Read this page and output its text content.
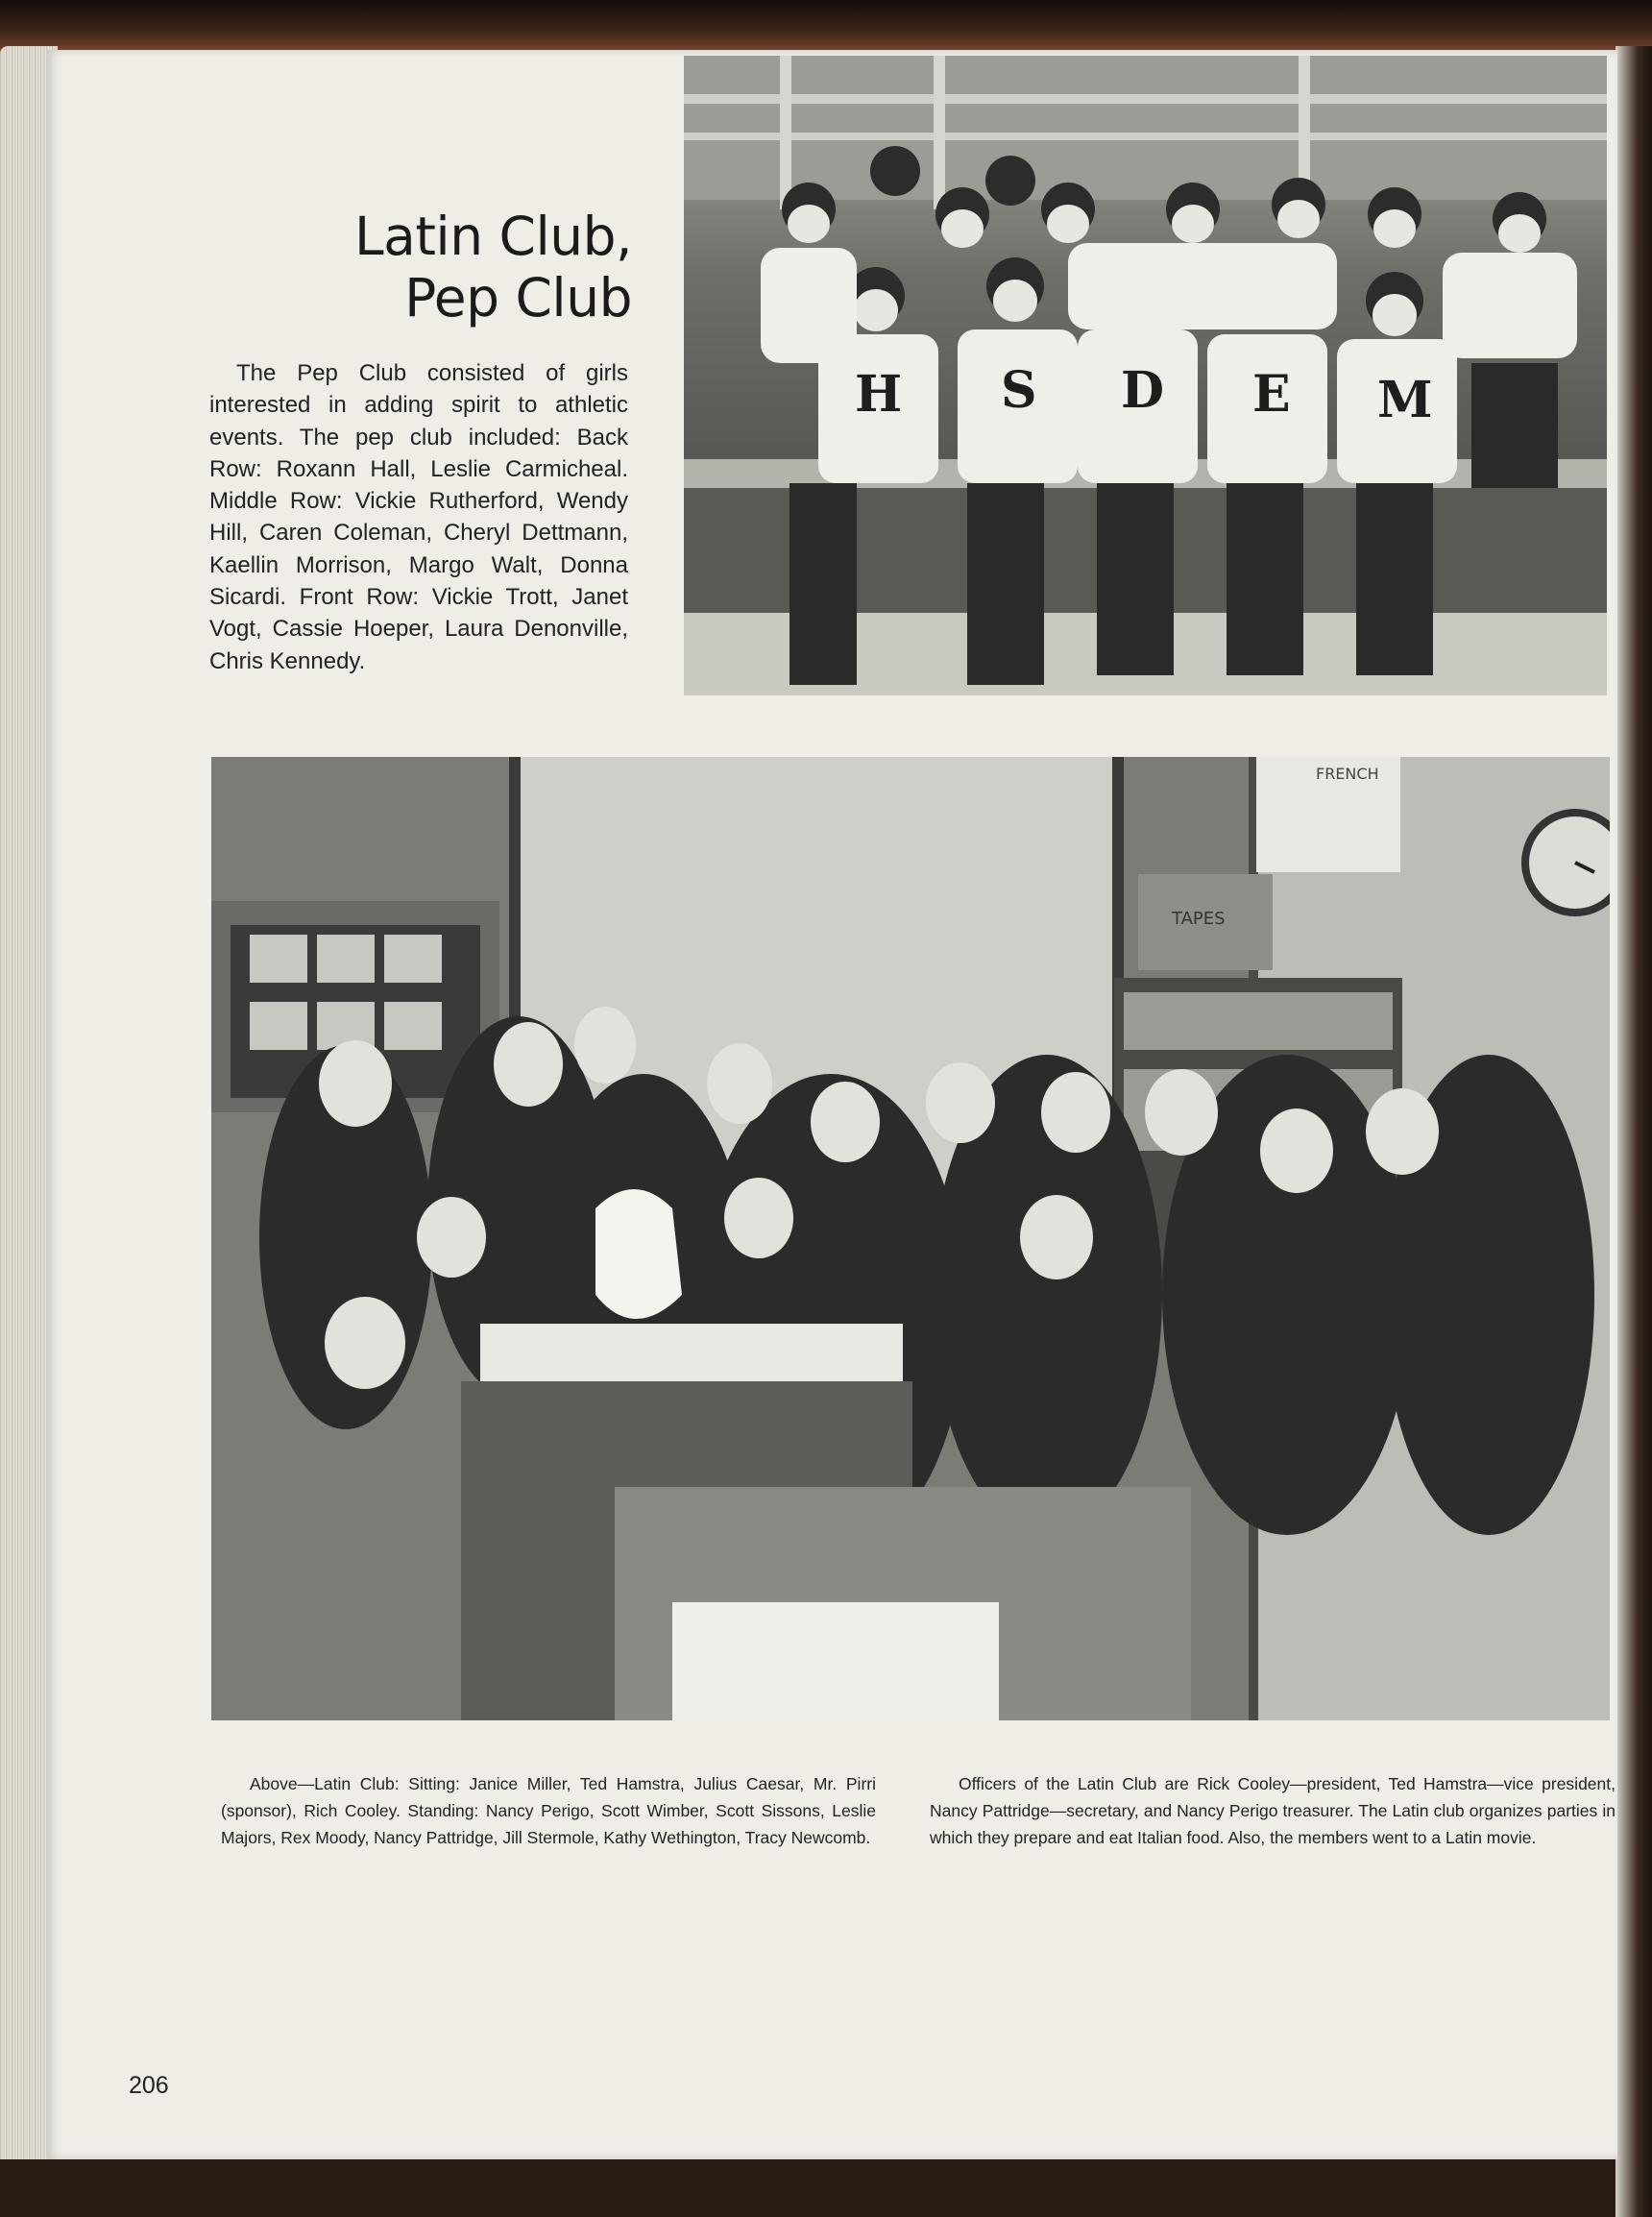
Latin Club,
Pep Club

The Pep Club consisted of girls interested in adding spirit to athletic events. The pep club included: Back Row: Roxann Hall, Leslie Carmicheal. Middle Row: Vickie Rutherford, Wendy Hill, Caren Coleman, Cheryl Dettmann, Kaellin Morrison, Margo Walt, Donna Sicardi. Front Row: Vickie Trott, Janet Vogt, Cassie Hoeper, Laura Denonville, Chris Kennedy.

H S D E M
FRENCH
TAPES

Above—Latin Club: Sitting: Janice Miller, Ted Hamstra, Julius Caesar, Mr. Pirri (sponsor), Rich Cooley. Standing: Nancy Perigo, Scott Wimber, Scott Sissons, Leslie Majors, Rex Moody, Nancy Pattridge, Jill Stermole, Kathy Wethington, Tracy Newcomb.

Officers of the Latin Club are Rick Cooley—president, Ted Hamstra—vice president, Nancy Pattridge—secretary, and Nancy Perigo treasurer. The Latin club organizes parties in which they prepare and eat Italian food. Also, the members went to a Latin movie.

206
